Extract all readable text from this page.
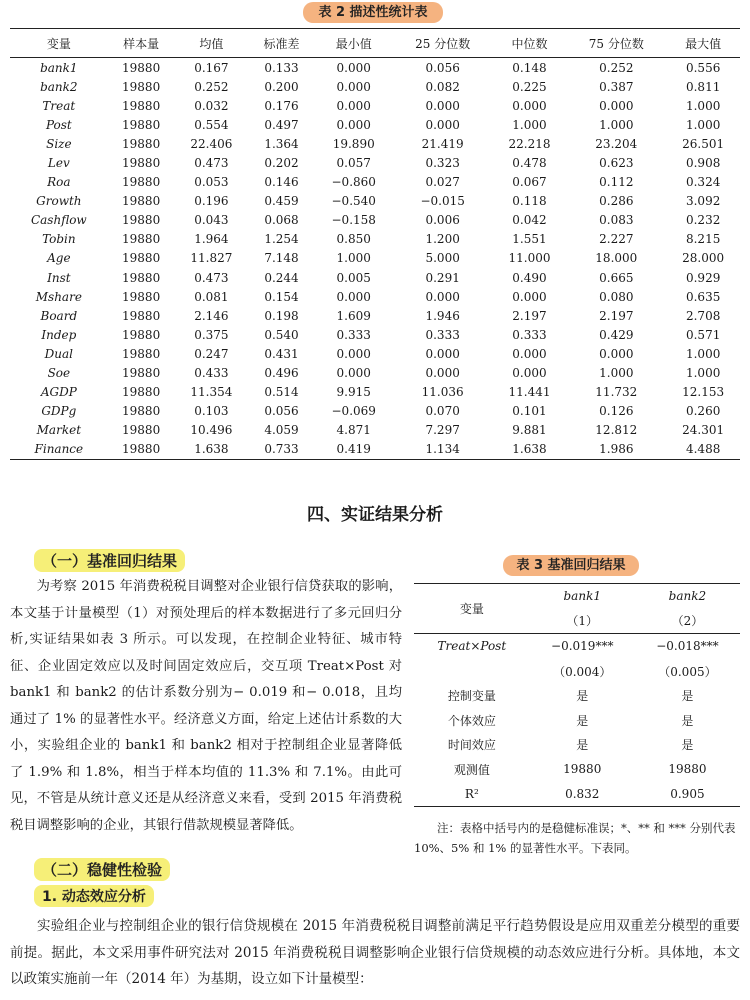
表 2 描述性统计表
变量	样本量	均值	标准差	最小值	25 分位数	中位数	75 分位数	最大值
bank1	19880	0.167	0.133	0.000	0.056	0.148	0.252	0.556
bank2	19880	0.252	0.200	0.000	0.082	0.225	0.387	0.811
Treat	19880	0.032	0.176	0.000	0.000	0.000	0.000	1.000
Post	19880	0.554	0.497	0.000	0.000	1.000	1.000	1.000
Size	19880	22.406	1.364	19.890	21.419	22.218	23.204	26.501
Lev	19880	0.473	0.202	0.057	0.323	0.478	0.623	0.908
Roa	19880	0.053	0.146	−0.860	0.027	0.067	0.112	0.324
Growth	19880	0.196	0.459	−0.540	−0.015	0.118	0.286	3.092
Cashflow	19880	0.043	0.068	−0.158	0.006	0.042	0.083	0.232
Tobin	19880	1.964	1.254	0.850	1.200	1.551	2.227	8.215
Age	19880	11.827	7.148	1.000	5.000	11.000	18.000	28.000
Inst	19880	0.473	0.244	0.005	0.291	0.490	0.665	0.929
Mshare	19880	0.081	0.154	0.000	0.000	0.000	0.080	0.635
Board	19880	2.146	0.198	1.609	1.946	2.197	2.197	2.708
Indep	19880	0.375	0.540	0.333	0.333	0.333	0.429	0.571
Dual	19880	0.247	0.431	0.000	0.000	0.000	0.000	1.000
Soe	19880	0.433	0.496	0.000	0.000	0.000	1.000	1.000
AGDP	19880	11.354	0.514	9.915	11.036	11.441	11.732	12.153
GDPg	19880	0.103	0.056	−0.069	0.070	0.101	0.126	0.260
Market	19880	10.496	4.059	4.871	7.297	9.881	12.812	24.301
Finance	19880	1.638	0.733	0.419	1.134	1.638	1.986	4.488
四、实证结果分析
（一）基准回归结果
为考察 2015 年消费税税目调整对企业银行信贷获取的影响，本文基于计量模型（1）对预处理后的样本数据进行了多元回归分析,实证结果如表 3 所示。可以发现，在控制企业特征、城市特征、企业固定效应以及时间固定效应后，交互项 Treat×Post 对 bank1 和 bank2 的估计系数分别为− 0.019 和− 0.018，且均通过了 1% 的显著性水平。经济意义方面，给定上述估计系数的大小，实验组企业的 bank1 和 bank2 相对于控制组企业显著降低了 1.9% 和 1.8%，相当于样本均值的 11.3% 和 7.1%。由此可见，不管是从统计意义还是从经济意义来看，受到 2015 年消费税税目调整影响的企业，其银行借款规模显著降低。
（二）稳健性检验
1. 动态效应分析
实验组企业与控制组企业的银行信贷规模在 2015 年消费税税目调整前满足平行趋势假设是应用双重差分模型的重要前提。据此，本文采用事件研究法对 2015 年消费税税目调整影响企业银行信贷规模的动态效应进行分析。具体地，本文以政策实施前一年（2014 年）为基期，设立如下计量模型：
表 3 基准回归结果
变量	bank1	bank2
	（1）	（2）
Treat×Post	−0.019***	−0.018***
	（0.004）	（0.005）
控制变量	是	是
个体效应	是	是
时间效应	是	是
观测值	19880	19880
R²	0.832	0.905
注：表格中括号内的是稳健标准误；*、** 和 *** 分别代表 10%、5% 和 1% 的显著性水平。下表同。
